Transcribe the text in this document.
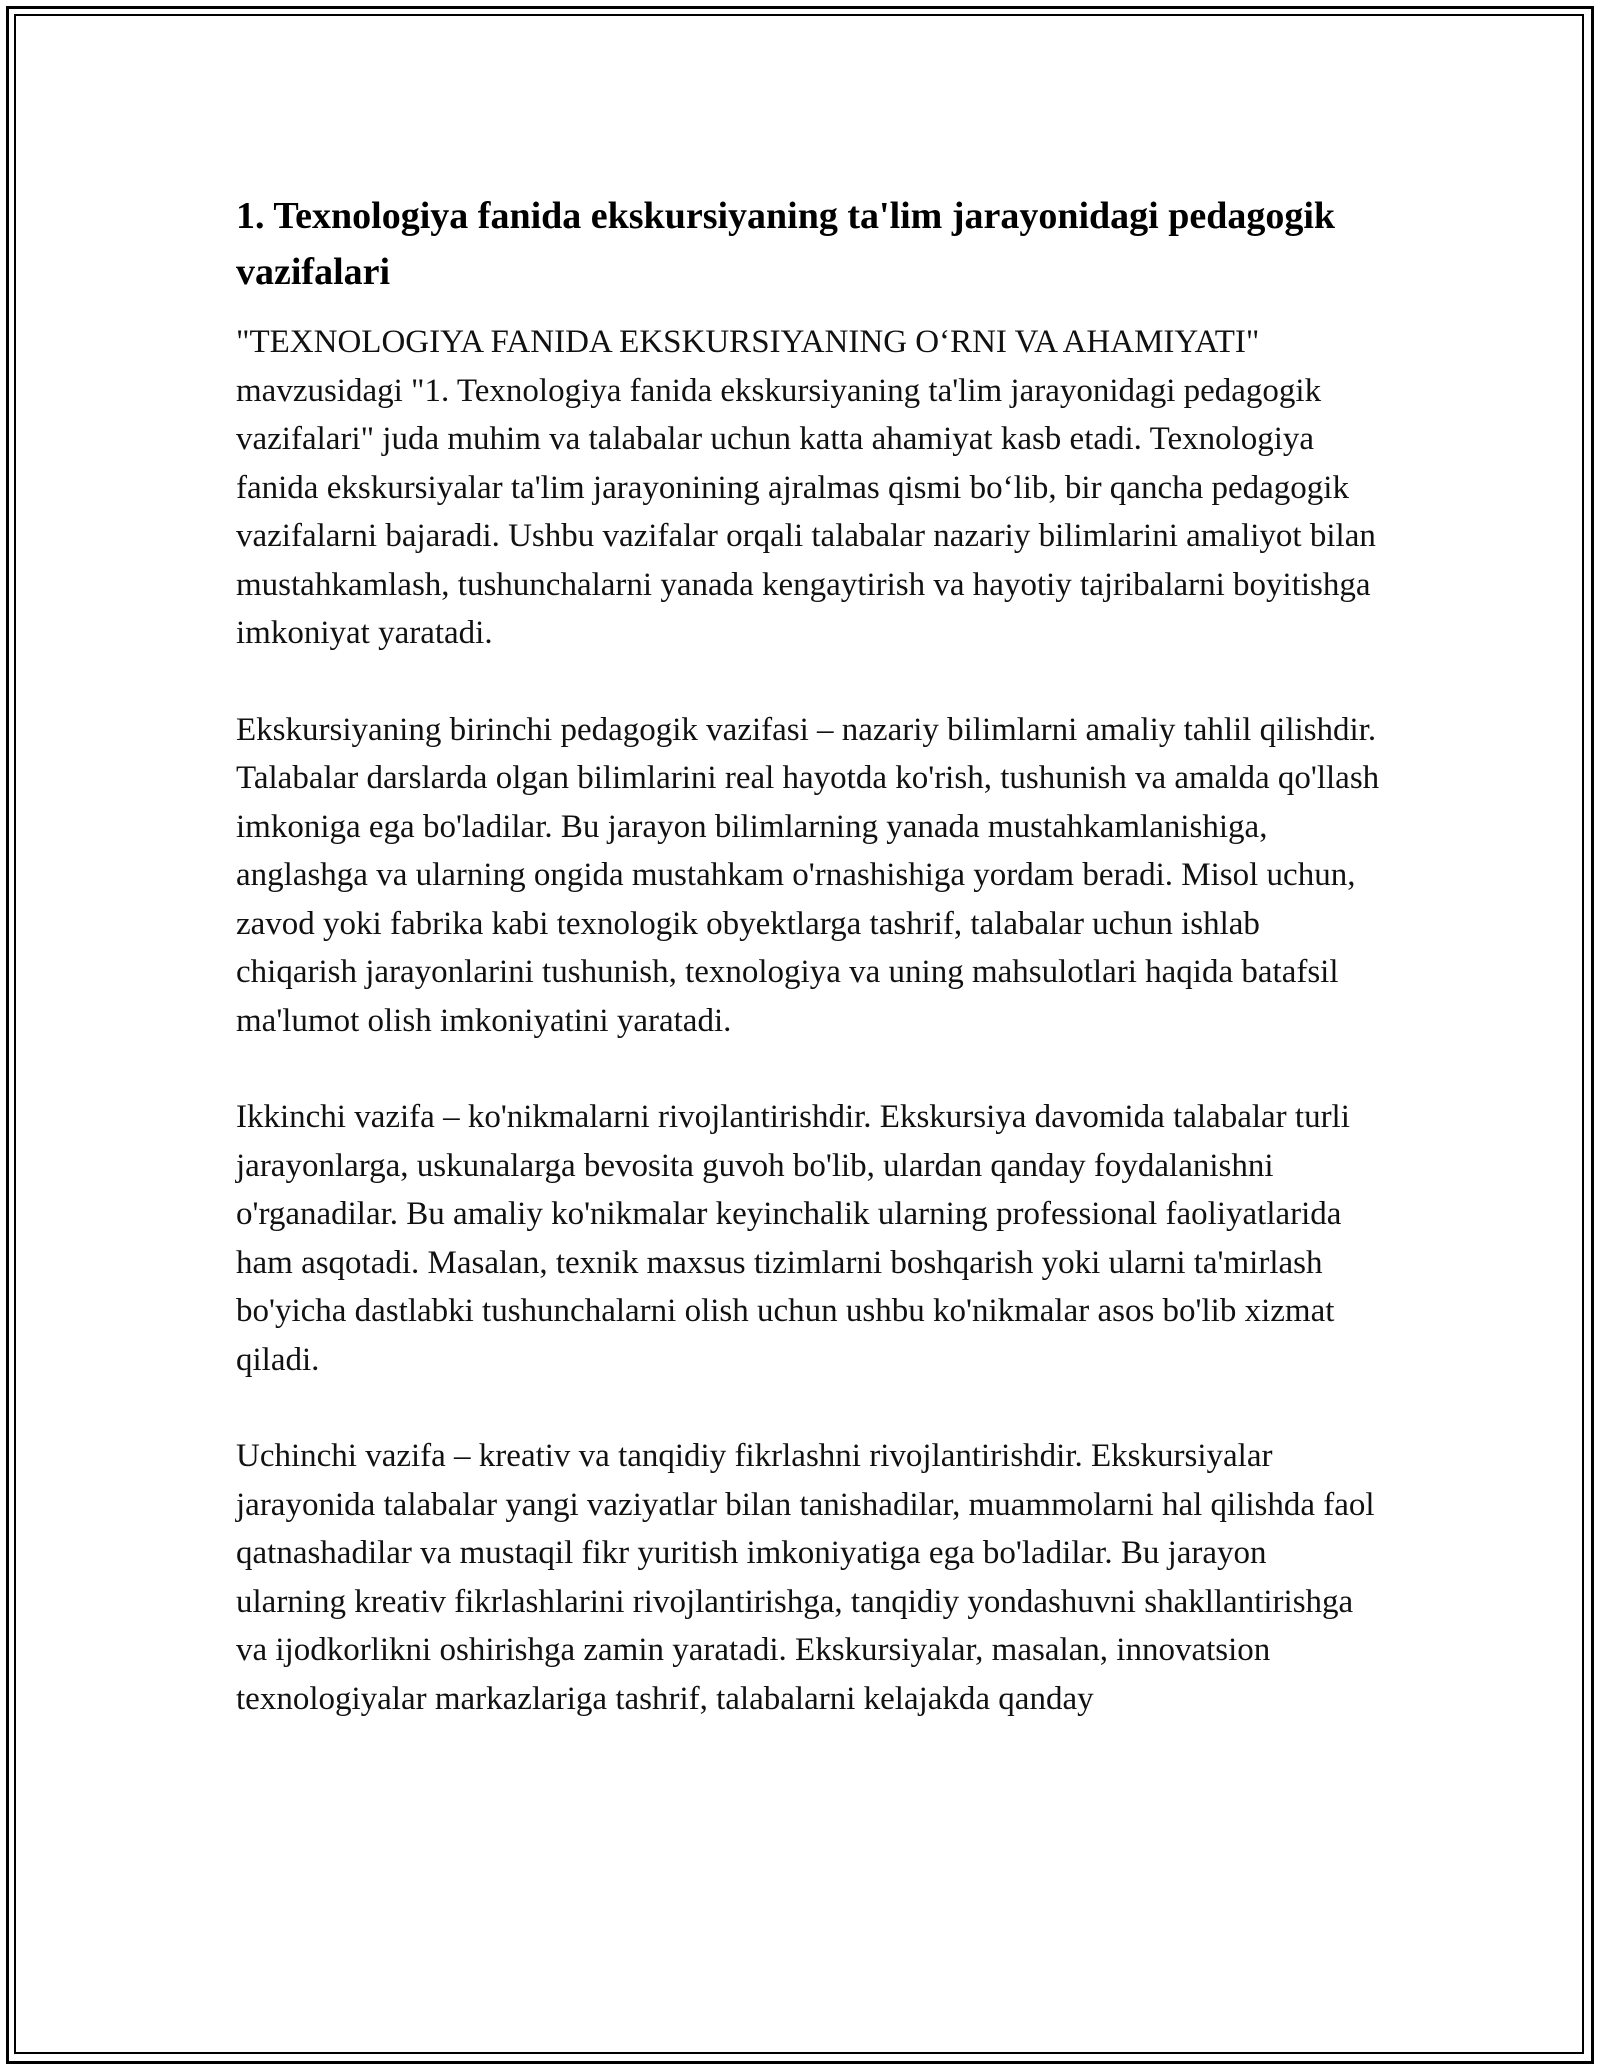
1. Texnologiya fanida ekskursiyaning ta'lim jarayonidagi pedagogik vazifalari

"TEXNOLOGIYA FANIDA EKSKURSIYANING O‘RNI VA AHAMIYATI" mavzusidagi "1. Texnologiya fanida ekskursiyaning ta'lim jarayonidagi pedagogik vazifalari" juda muhim va talabalar uchun katta ahamiyat kasb etadi. Texnologiya fanida ekskursiyalar ta'lim jarayonining ajralmas qismi bo‘lib, bir qancha pedagogik vazifalarni bajaradi. Ushbu vazifalar orqali talabalar nazariy bilimlarini amaliyot bilan mustahkamlash, tushunchalarni yanada kengaytirish va hayotiy tajribalarni boyitishga imkoniyat yaratadi.

Ekskursiyaning birinchi pedagogik vazifasi – nazariy bilimlarni amaliy tahlil qilishdir. Talabalar darslarda olgan bilimlarini real hayotda ko'rish, tushunish va amalda qo'llash imkoniga ega bo'ladilar. Bu jarayon bilimlarning yanada mustahkamlanishiga, anglashga va ularning ongida mustahkam o'rnashishiga yordam beradi. Misol uchun, zavod yoki fabrika kabi texnologik obyektlarga tashrif, talabalar uchun ishlab chiqarish jarayonlarini tushunish, texnologiya va uning mahsulotlari haqida batafsil ma'lumot olish imkoniyatini yaratadi.

Ikkinchi vazifa – ko'nikmalarni rivojlantirishdir. Ekskursiya davomida talabalar turli jarayonlarga, uskunalarga bevosita guvoh bo'lib, ulardan qanday foydalanishni o'rganadilar. Bu amaliy ko'nikmalar keyinchalik ularning professional faoliyatlarida ham asqotadi. Masalan, texnik maxsus tizimlarni boshqarish yoki ularni ta'mirlash bo'yicha dastlabki tushunchalarni olish uchun ushbu ko'nikmalar asos bo'lib xizmat qiladi.

Uchinchi vazifa – kreativ va tanqidiy fikrlashni rivojlantirishdir. Ekskursiyalar jarayonida talabalar yangi vaziyatlar bilan tanishadilar, muammolarni hal qilishda faol qatnashadilar va mustaqil fikr yuritish imkoniyatiga ega bo'ladilar. Bu jarayon ularning kreativ fikrlashlarini rivojlantirishga, tanqidiy yondashuvni shakllantirishga va ijodkorlikni oshirishga zamin yaratadi. Ekskursiyalar, masalan, innovatsion texnologiyalar markazlariga tashrif, talabalarni kelajakda qanday
